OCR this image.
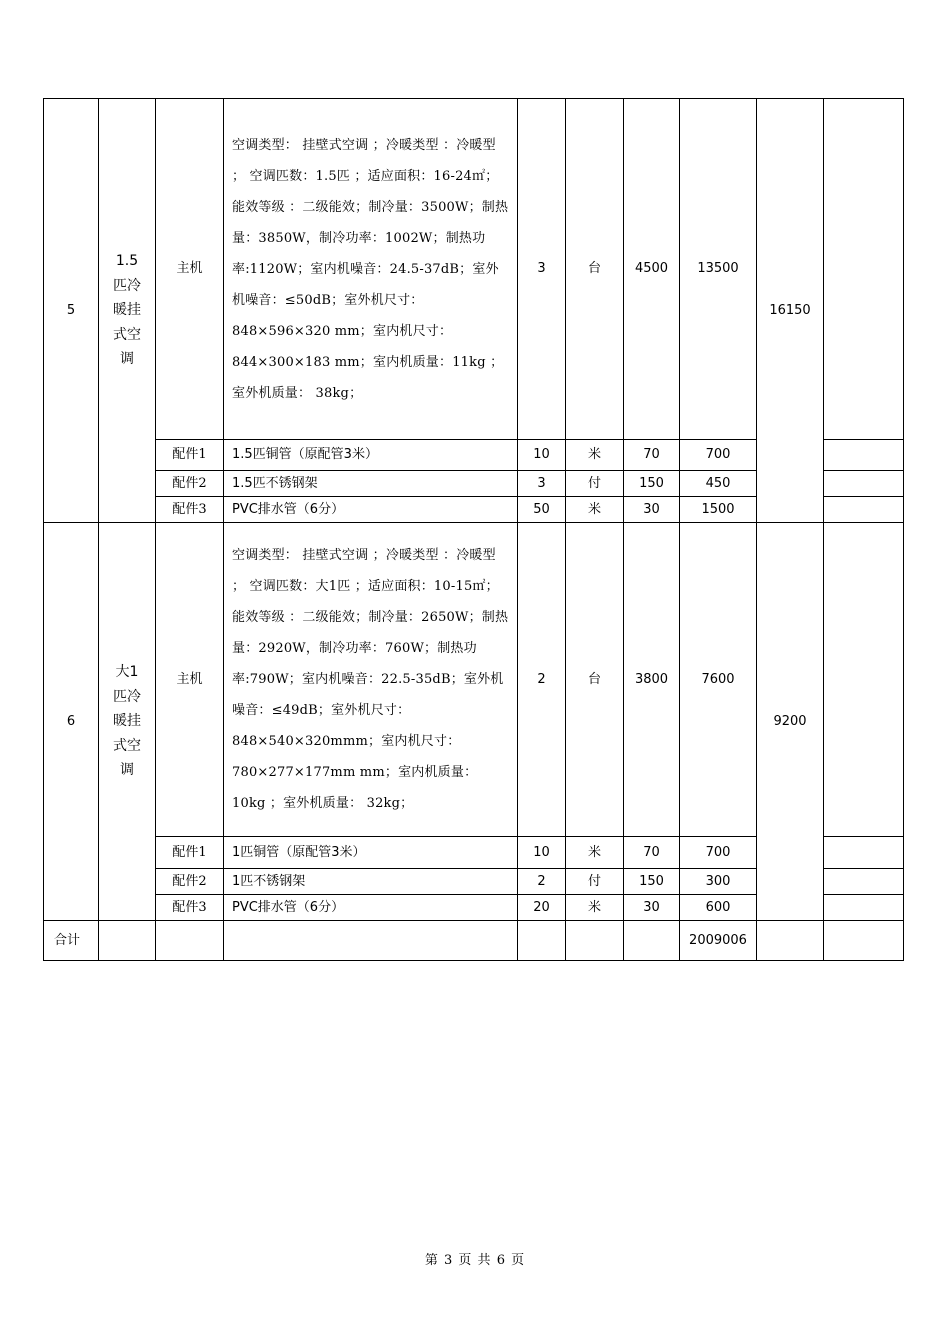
5	1.5匹冷暖挂式空调	主机	空调类型： 挂壁式空调 ；冷暖类型 ：冷暖型 ； 空调匹数：1.5匹 ；适应面积：16-24㎡；能效等级 ：二级能效；制冷量：3500W；制热量：3850W，制冷功率：1002W；制热功率:1120W；室内机噪音：24.5-37dB；室外机噪音：≤50dB；室外机尺寸： 848×596×320 mm；室内机尺寸： 844×300×183 mm；室内机质量：11kg ；室外机质量： 38kg；	3	台	4500	13500	16150	
		配件1	1.5匹铜管（原配管3米）	10	米	70	700		
		配件2	1.5匹不锈钢架	3	付	150	450		
		配件3	PVC排水管（6分）	50	米	30	1500		
6	大1匹冷暖挂式空调	主机	空调类型： 挂壁式空调 ；冷暖类型 ：冷暖型 ； 空调匹数：大1匹 ；适应面积：10-15㎡；能效等级 ：二级能效；制冷量：2650W；制热量：2920W，制冷功率：760W；制热功率:790W；室内机噪音：22.5-35dB；室外机噪音：≤49dB；室外机尺寸：848×540×320mmm；室内机尺寸： 780×277×177mm mm；室内机质量：10kg ；室外机质量： 32kg；	2	台	3800	7600	9200	
		配件1	1匹铜管（原配管3米）	10	米	70	700		
		配件2	1匹不锈钢架	2	付	150	300		
		配件3	PVC排水管（6分）	20	米	30	600		
合计							2009006		
第 3 页 共 6 页
